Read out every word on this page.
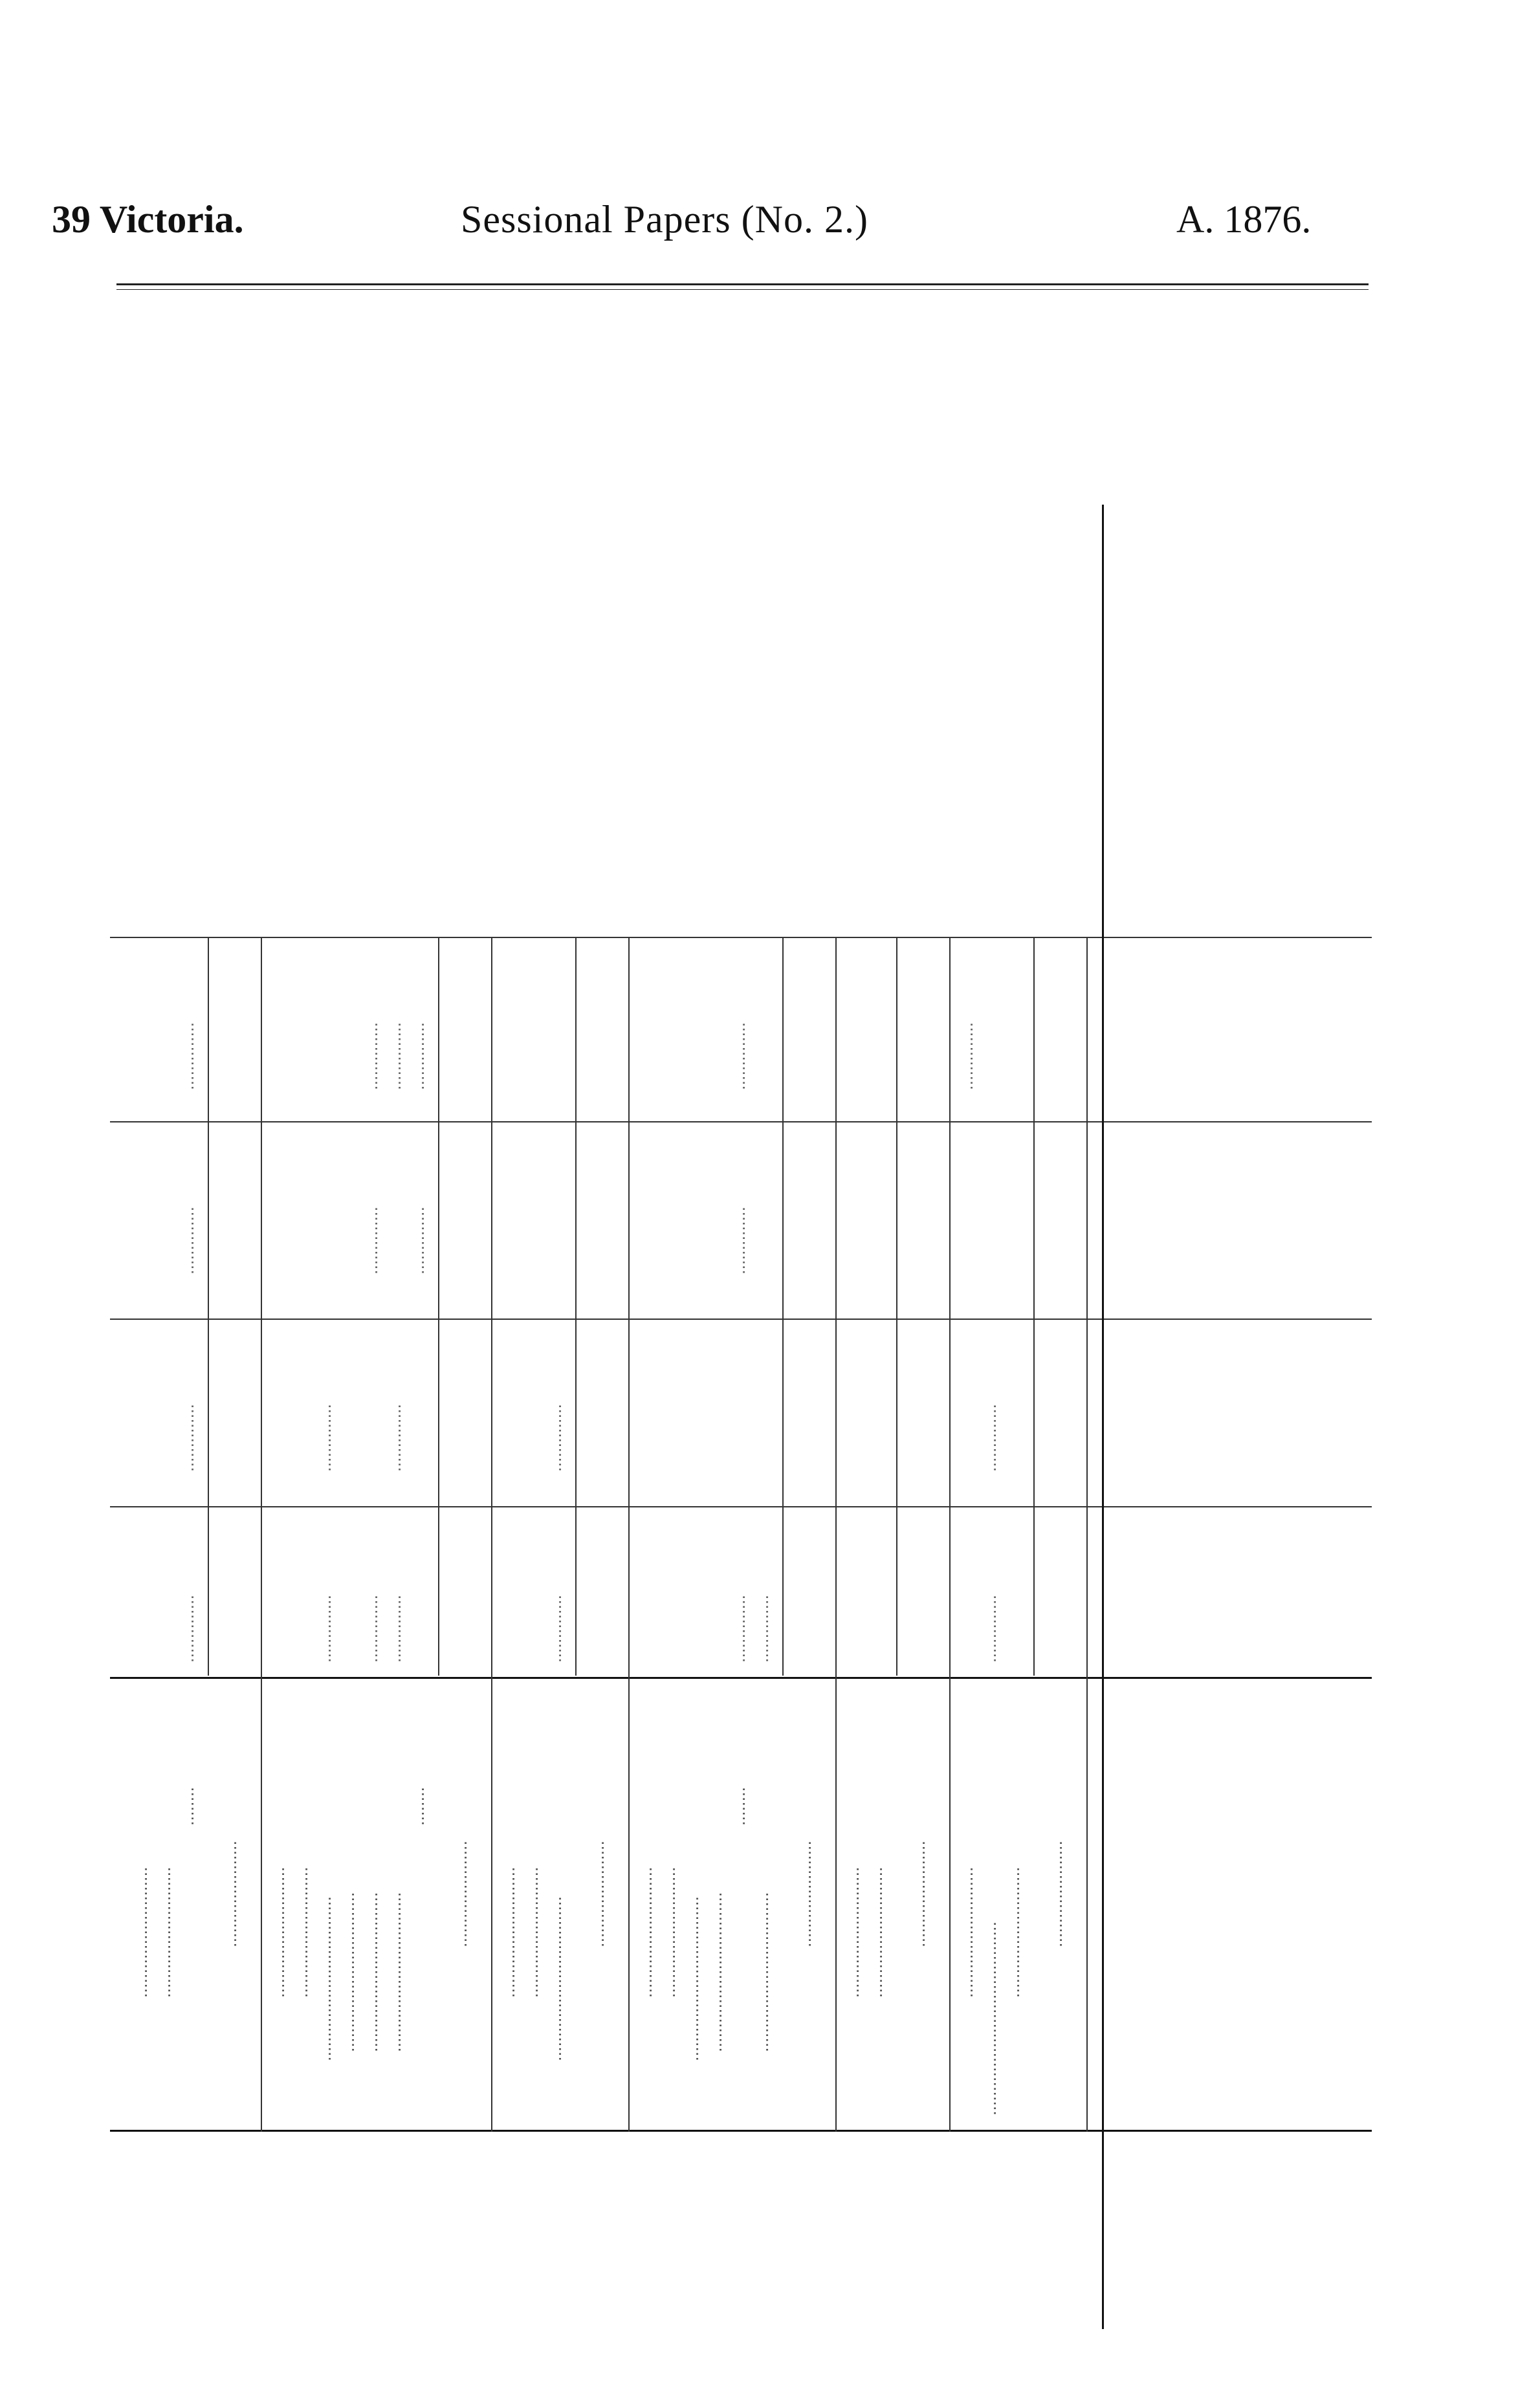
39 Victoria.	Sessional Papers (No. 2.)	A. 1876.
........................... ...........................
........
..............
..............
..............
..............
...................... ........................... ........................... ..................................
..............
..............
................................. .................................
..............
..............
..............
.................................
..............
..............
..............
........
..............
..............
...................... ........................... ........................... ..................................
..............
..............
...................... ........................... ........................... .................................. .................................
........
..............
..............
..............
.................................
..............
...................... ........................... ........................... ...................... ...........................
..............
........................................
..............
..............
........................... ......................
